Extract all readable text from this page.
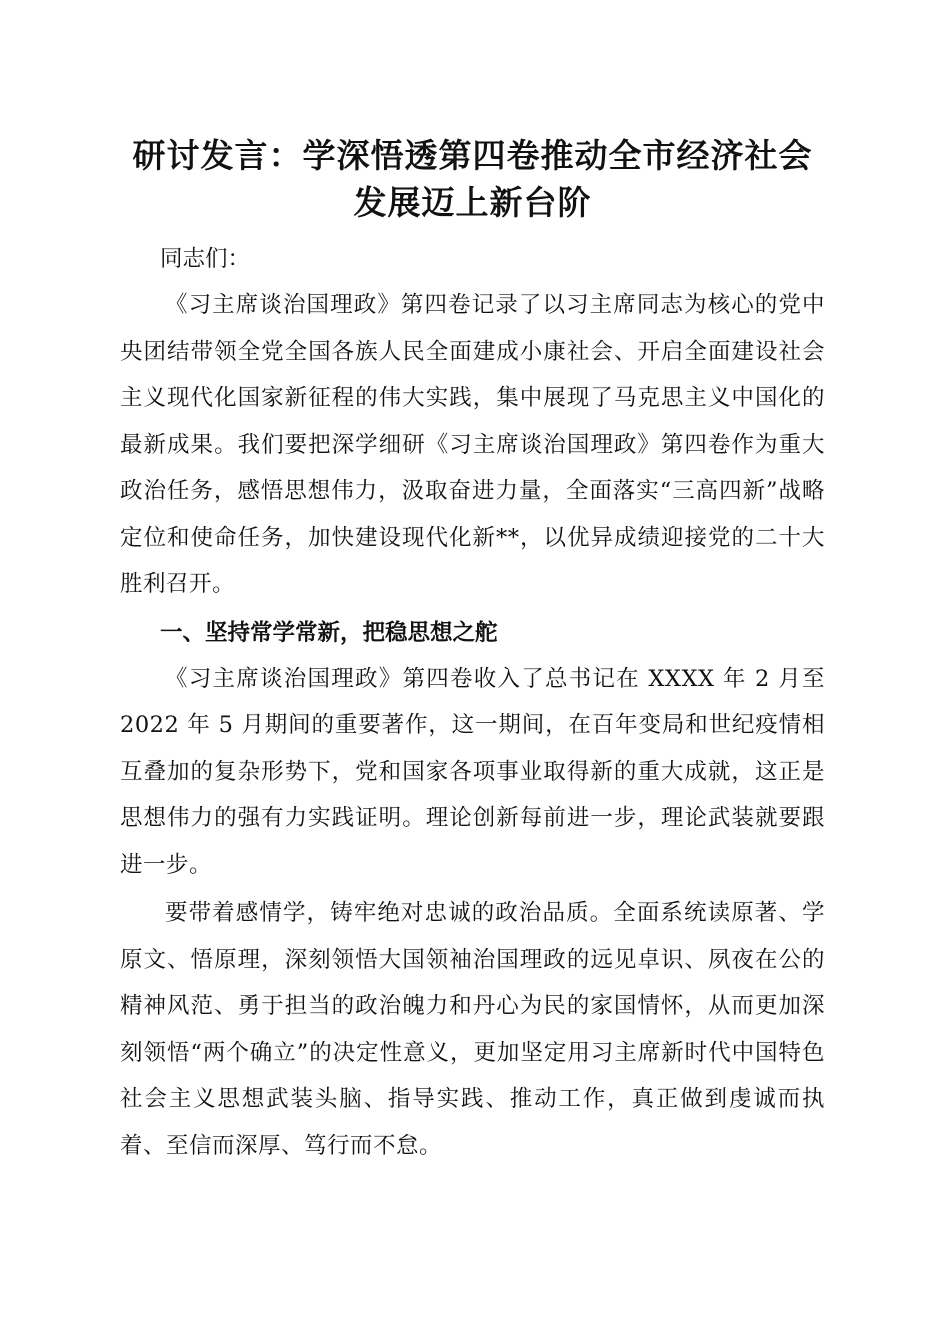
研讨发言：学深悟透第四卷推动全市经济社会
发展迈上新台阶

同志们：

《习主席谈治国理政》第四卷记录了以习主席同志为核心的党中央团结带领全党全国各族人民全面建成小康社会、开启全面建设社会主义现代化国家新征程的伟大实践，集中展现了马克思主义中国化的最新成果。我们要把深学细研《习主席谈治国理政》第四卷作为重大政治任务，感悟思想伟力，汲取奋进力量，全面落实“三高四新”战略定位和使命任务，加快建设现代化新**，以优异成绩迎接党的二十大胜利召开。

一、坚持常学常新，把稳思想之舵

《习主席谈治国理政》第四卷收入了总书记在 XXXX 年 2 月至 2022 年 5 月期间的重要著作，这一期间，在百年变局和世纪疫情相互叠加的复杂形势下，党和国家各项事业取得新的重大成就，这正是思想伟力的强有力实践证明。理论创新每前进一步，理论武装就要跟进一步。

要带着感情学，铸牢绝对忠诚的政治品质。全面系统读原著、学原文、悟原理，深刻领悟大国领袖治国理政的远见卓识、夙夜在公的精神风范、勇于担当的政治魄力和丹心为民的家国情怀，从而更加深刻领悟“两个确立”的决定性意义，更加坚定用习主席新时代中国特色社会主义思想武装头脑、指导实践、推动工作，真正做到虔诚而执着、至信而深厚、笃行而不怠。
